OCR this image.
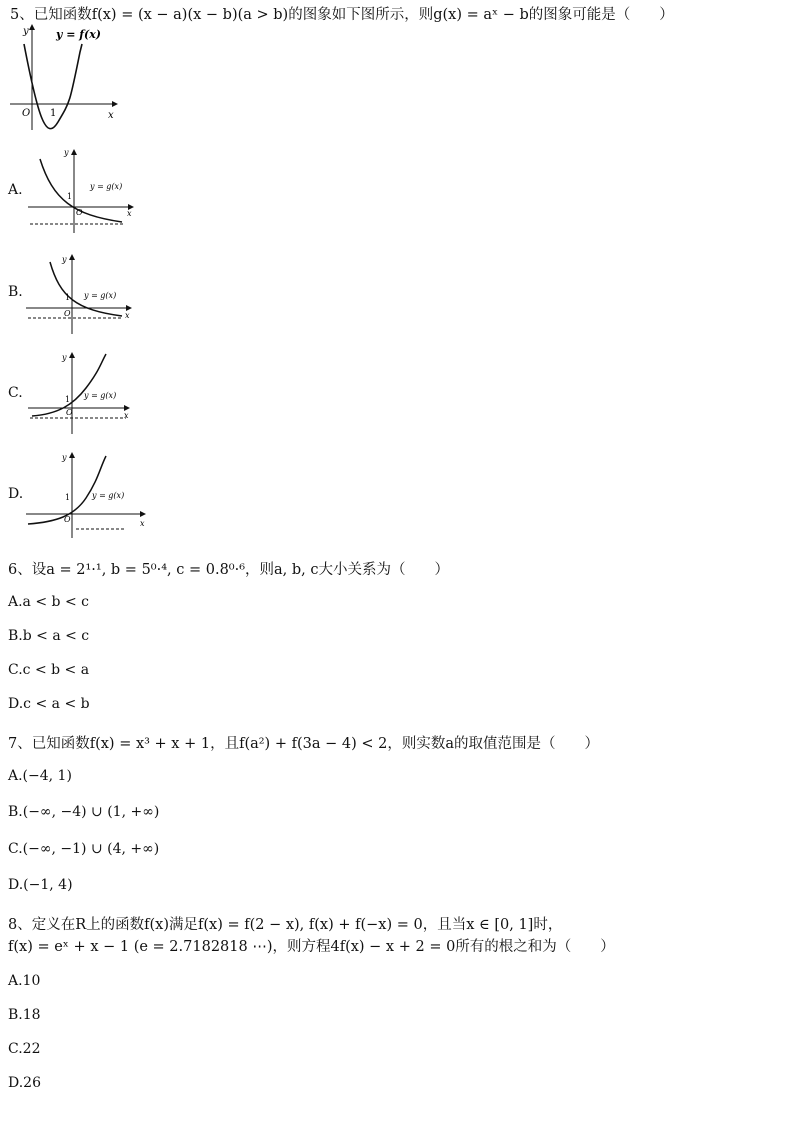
5、已知函数f(x) = (x − a)(x − b)(a > b)的图象如下图所示，则g(x) = aˣ − b的图象可能是（　　）
y
x
O 1
y = f(x)
A.
y
x
1
O
y = g(x)
B.
y
x
1
O
y = g(x)
C.
y
x
1
O
y = g(x)
D.
y
x
1
O
y = g(x)
6、设a = 2¹·¹, b = 5⁰·⁴, c = 0.8⁰·⁶，则a, b, c大小关系为（　　）
A.a < b < c
B.b < a < c
C.c < b < a
D.c < a < b
7、已知函数f(x) = x³ + x + 1，且f(a²) + f(3a − 4) < 2，则实数a的取值范围是（　　）
A.(−4, 1)
B.(−∞, −4) ∪ (1, +∞)
C.(−∞, −1) ∪ (4, +∞)
D.(−1, 4)
8、定义在R上的函数f(x)满足f(x) = f(2 − x), f(x) + f(−x) = 0，且当x ∈ [0, 1]时，
f(x) = eˣ + x − 1 (e = 2.7182818 ⋯)，则方程4f(x) − x + 2 = 0所有的根之和为（　　）
A.10
B.18
C.22
D.26
